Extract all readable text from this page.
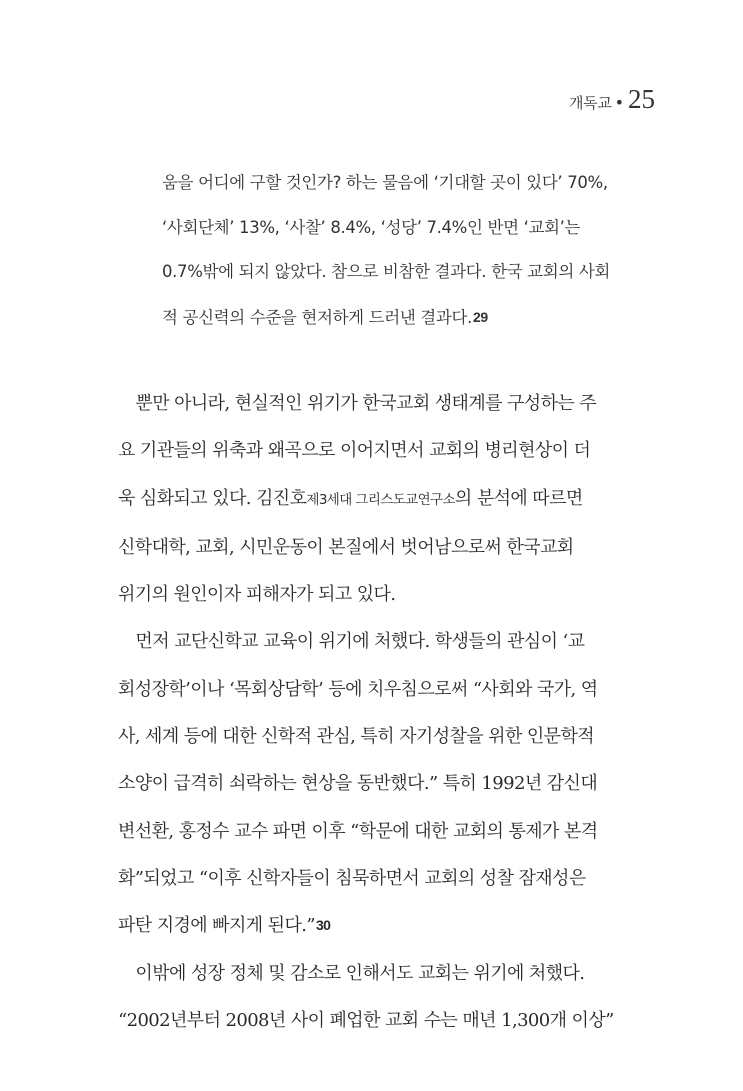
개독교 • 25

움을 어디에 구할 것인가? 하는 물음에 ‘기대할 곳이 있다’ 70%,

‘사회단체’ 13%, ‘사찰’ 8.4%, ‘성당’ 7.4%인 반면 ‘교회’는

0.7%밖에 되지 않았다. 참으로 비참한 결과다. 한국 교회의 사회

적 공신력의 수준을 현저하게 드러낸 결과다.29

 뿐만 아니라, 현실적인 위기가 한국교회 생태계를 구성하는 주

요 기관들의 위축과 왜곡으로 이어지면서 교회의 병리현상이 더

욱 심화되고 있다. 김진호제3세대 그리스도교연구소의 분석에 따르면

신학대학, 교회, 시민운동이 본질에서 벗어남으로써 한국교회

위기의 원인이자 피해자가 되고 있다.

 먼저 교단신학교 교육이 위기에 처했다. 학생들의 관심이 ‘교

회성장학’이나 ‘목회상담학’ 등에 치우침으로써 “사회와 국가, 역

사, 세계 등에 대한 신학적 관심, 특히 자기성찰을 위한 인문학적

소양이 급격히 쇠락하는 현상을 동반했다.” 특히 1992년 감신대

변선환, 홍정수 교수 파면 이후 “학문에 대한 교회의 통제가 본격

화”되었고 “이후 신학자들이 침묵하면서 교회의 성찰 잠재성은

파탄 지경에 빠지게 된다.”30

 이밖에 성장 정체 및 감소로 인해서도 교회는 위기에 처했다.

“2002년부터 2008년 사이 폐업한 교회 수는 매년 1,300개 이상”
